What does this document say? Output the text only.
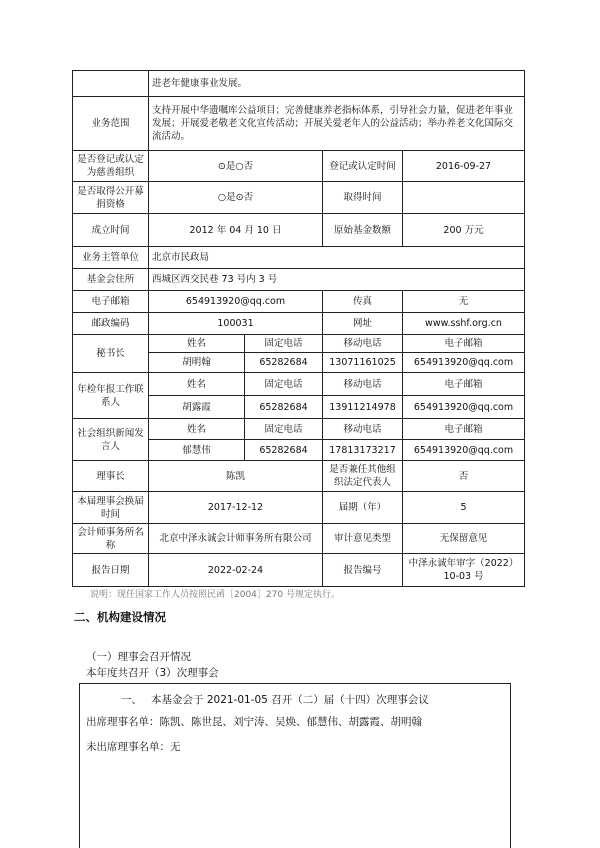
	进老年健康事业发展。			
业务范围	支持开展中华遗嘱库公益项目；完善健康养老指标体系，引导社会力量，促进老年事业发展；开展爱老敬老文化宣传活动；开展关爱老年人的公益活动；举办养老文化国际交流活动。			
是否登记或认定为慈善组织	⊙是○否		登记或认定时间	2016-09-27
是否取得公开募捐资格	○是⊙否		取得时间	
成立时间	2012 年 04 月 10 日		原始基金数额	200 万元
业务主管单位	北京市民政局			
基金会住所	西城区西交民巷 73 号内 3 号			
电子邮箱	654913920@qq.com		传真	无
邮政编码	100031		网址	www.sshf.org.cn
秘书长	姓名	固定电话	移动电话	电子邮箱
	胡明翰	65282684	13071161025	654913920@qq.com
年检年报工作联系人	姓名	固定电话	移动电话	电子邮箱
	胡露霞	65282684	13911214978	654913920@qq.com
社会组织新闻发言人	姓名	固定电话	移动电话	电子邮箱
	郁慧伟	65282684	17813173217	654913920@qq.com
理事长	陈凯		是否兼任其他组织法定代表人	否
本届理事会换届时间	2017-12-12		届期（年）	5
会计师事务所名称	北京中泽永诚会计师事务所有限公司		审计意见类型	无保留意见
报告日期	2022-02-24		报告编号	中泽永诚年审字（2022）10-03 号
说明：现任国家工作人员按照民函［2004］270 号规定执行。
二、机构建设情况
（一）理事会召开情况
本年度共召开（3）次理事会
一、 本基金会于 2021-01-05 召开（二）届（十四）次理事会议
出席理事名单：陈凯、陈世昆、刘宁涛、吴焕、郁慧伟、胡露霞、胡明翰
未出席理事名单：无
